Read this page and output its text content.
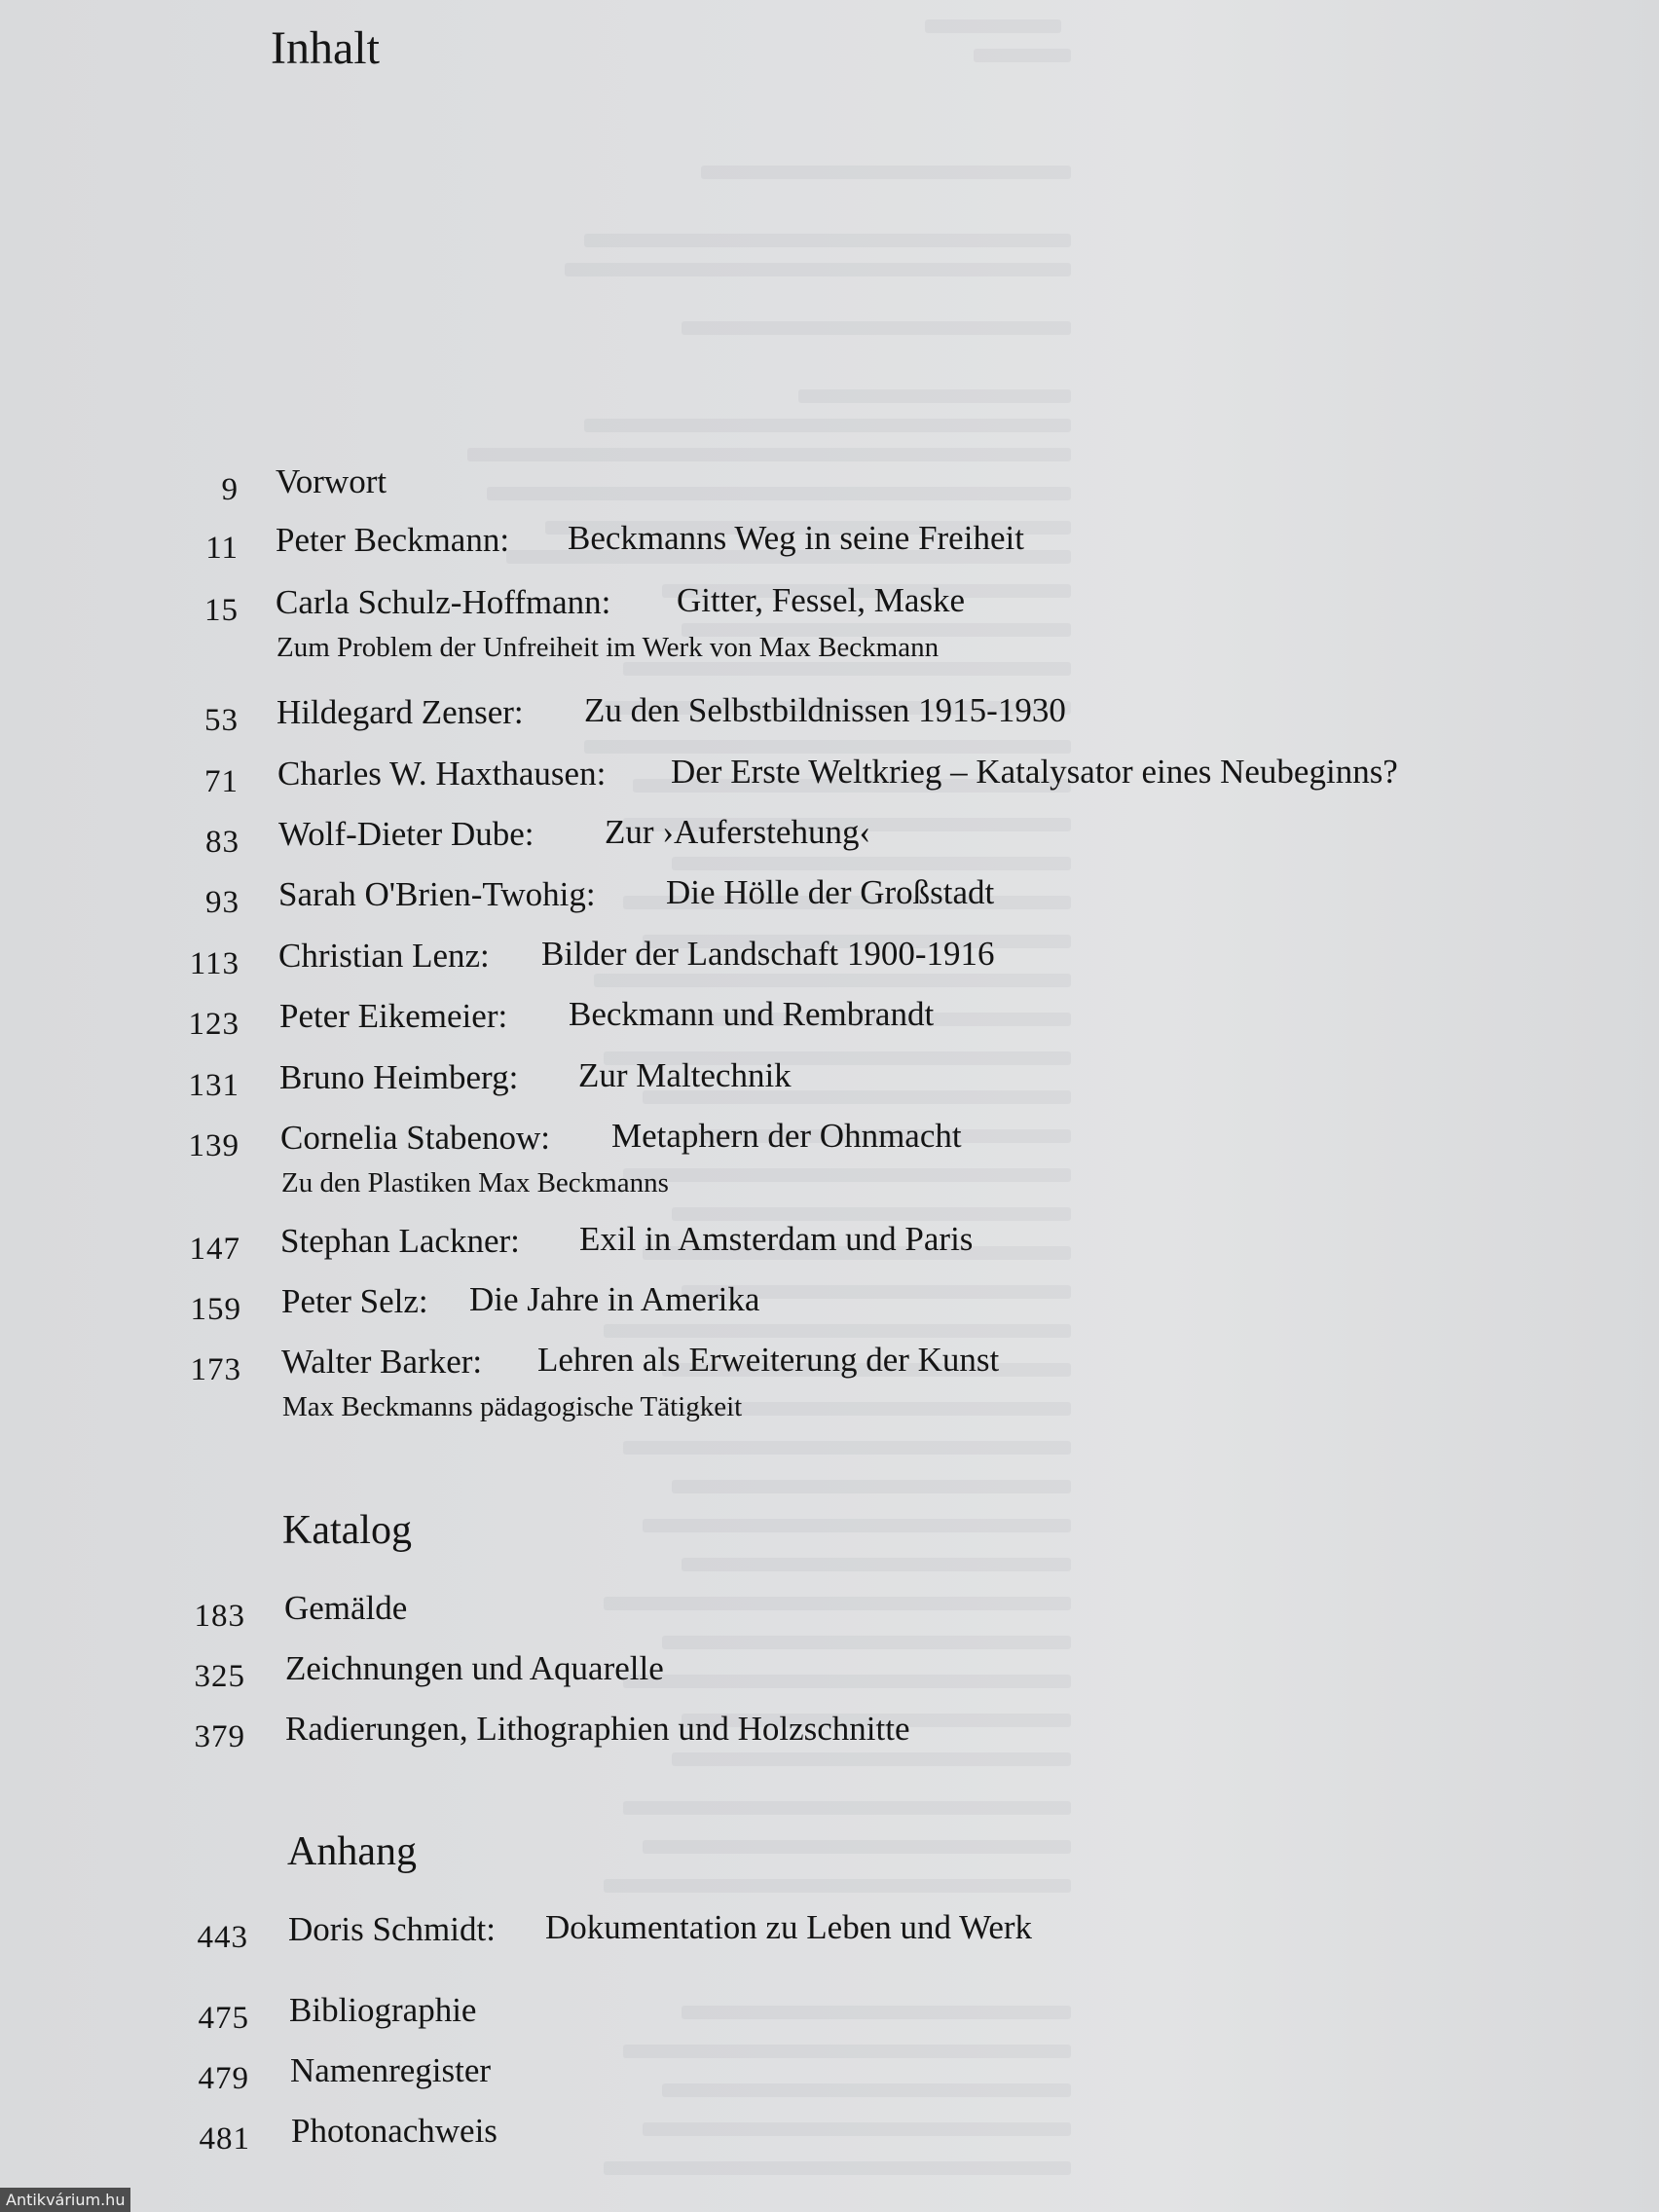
Inhalt
9 Vorwort
11 Peter Beckmann: Beckmanns Weg in seine Freiheit
15 Carla Schulz-Hoffmann: Gitter, Fessel, Maske
Zum Problem der Unfreiheit im Werk von Max Beckmann
53 Hildegard Zenser: Zu den Selbstbildnissen 1915-1930
71 Charles W. Haxthausen: Der Erste Weltkrieg – Katalysator eines Neubeginns?
83 Wolf-Dieter Dube: Zur ›Auferstehung‹
93 Sarah O'Brien-Twohig: Die Hölle der Großstadt
113 Christian Lenz: Bilder der Landschaft 1900-1916
123 Peter Eikemeier: Beckmann und Rembrandt
131 Bruno Heimberg: Zur Maltechnik
139 Cornelia Stabenow: Metaphern der Ohnmacht
Zu den Plastiken Max Beckmanns
147 Stephan Lackner: Exil in Amsterdam und Paris
159 Peter Selz: Die Jahre in Amerika
173 Walter Barker: Lehren als Erweiterung der Kunst
Max Beckmanns pädagogische Tätigkeit
Katalog
183 Gemälde
325 Zeichnungen und Aquarelle
379 Radierungen, Lithographien und Holzschnitte
Anhang
443 Doris Schmidt: Dokumentation zu Leben und Werk
475 Bibliographie
479 Namenregister
481 Photonachweis
Antikvárium.hu
